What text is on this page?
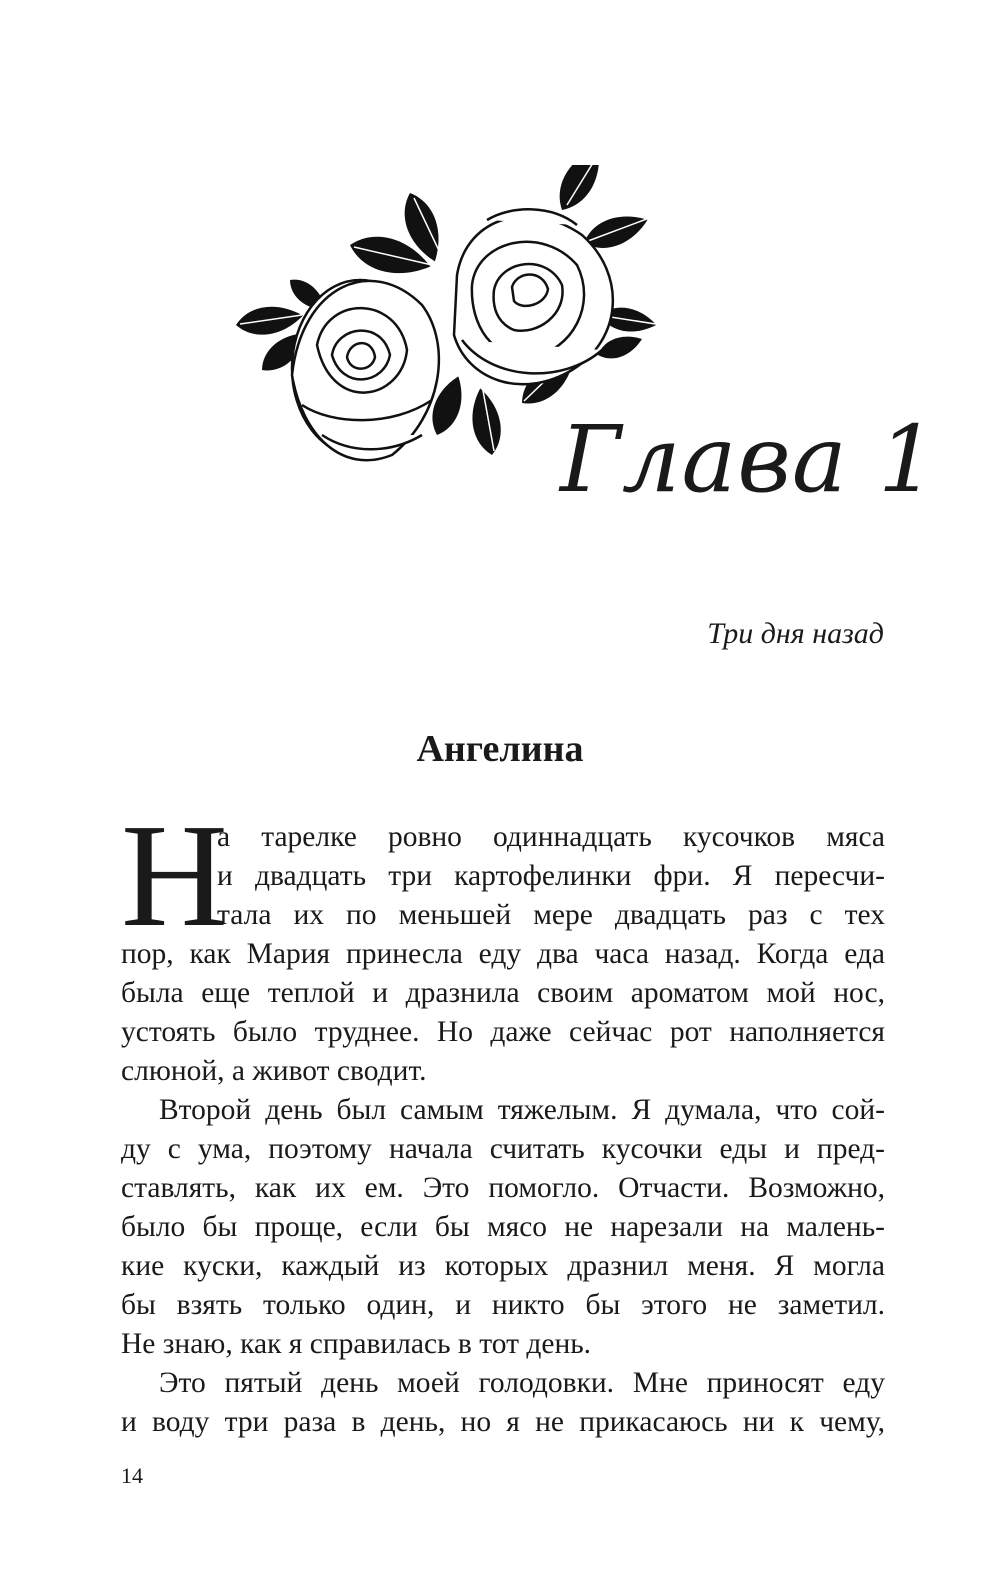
Глава 1
Три дня назад
Ангелина
Н
а тарелке ровно одиннадцать кусочков мяса
и двадцать три картофелинки фри. Я пересчи-
тала их по меньшей мере двадцать раз с тех
пор, как Мария принесла еду два часа назад. Когда еда
была еще теплой и дразнила своим ароматом мой нос,
устоять было труднее. Но даже сейчас рот наполняется
слюной, а живот сводит.
Второй день был самым тяжелым. Я думала, что сой-
ду с ума, поэтому начала считать кусочки еды и пред-
ставлять, как их ем. Это помогло. Отчасти. Возможно,
было бы проще, если бы мясо не нарезали на малень-
кие куски, каждый из которых дразнил меня. Я могла
бы взять только один, и никто бы этого не заметил.
Не знаю, как я справилась в тот день.
Это пятый день моей голодовки. Мне приносят еду
и воду три раза в день, но я не прикасаюсь ни к чему,
14
